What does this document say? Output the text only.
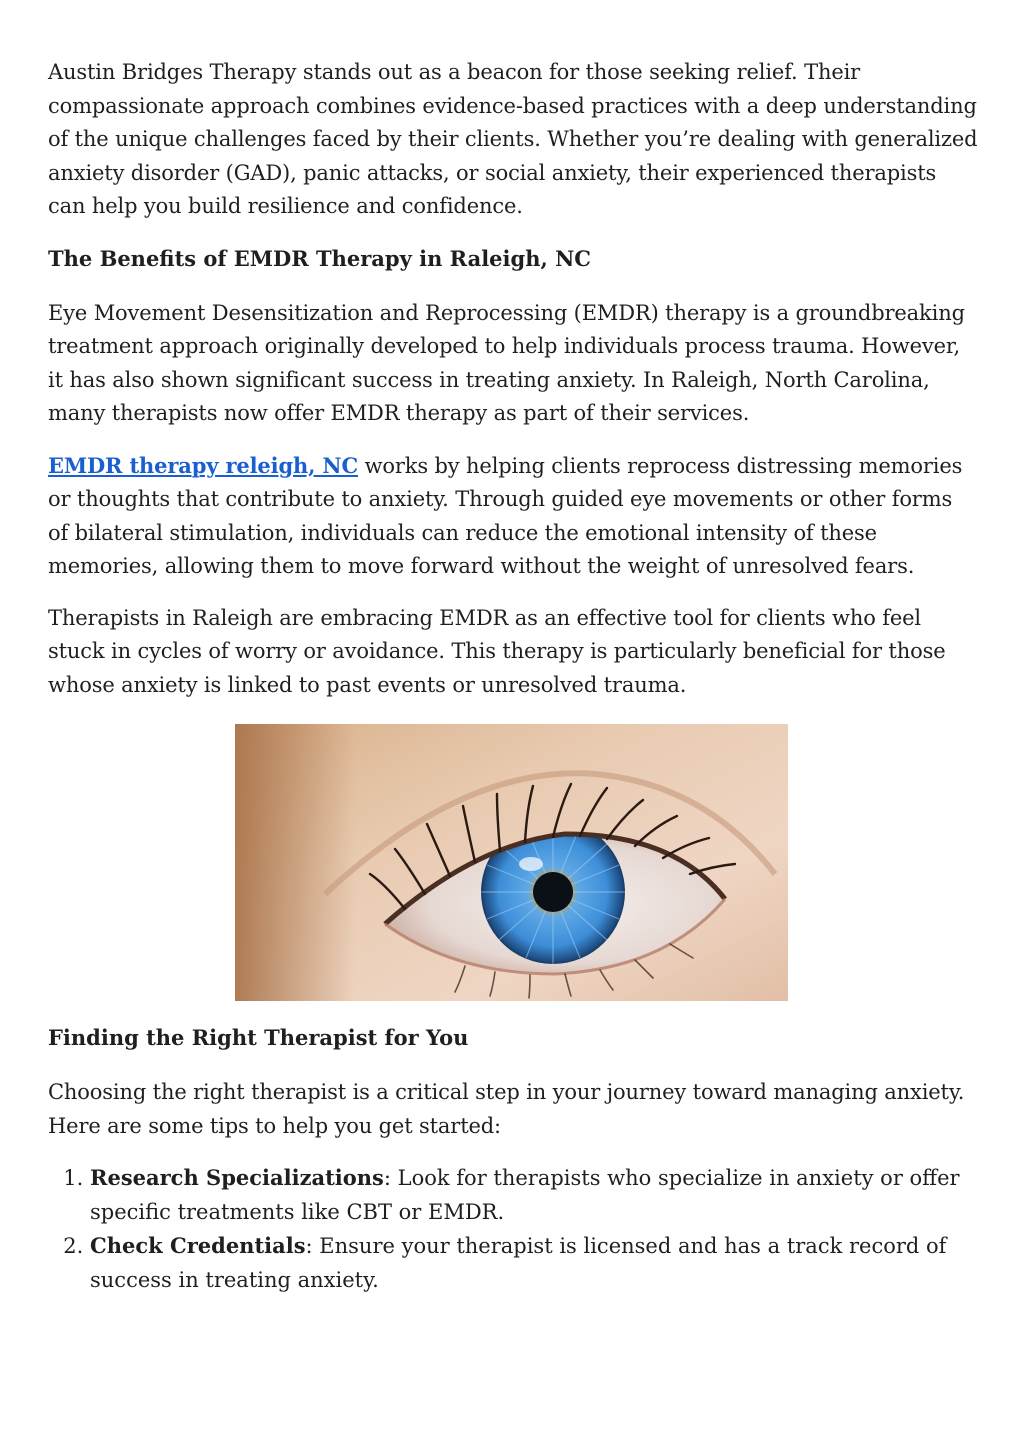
Austin Bridges Therapy stands out as a beacon for those seeking relief. Their compassionate approach combines evidence-based practices with a deep understanding of the unique challenges faced by their clients. Whether you’re dealing with generalized anxiety disorder (GAD), panic attacks, or social anxiety, their experienced therapists can help you build resilience and confidence.

The Benefits of EMDR Therapy in Raleigh, NC

Eye Movement Desensitization and Reprocessing (EMDR) therapy is a groundbreaking treatment approach originally developed to help individuals process trauma. However, it has also shown significant success in treating anxiety. In Raleigh, North Carolina, many therapists now offer EMDR therapy as part of their services.

EMDR therapy releigh, NC works by helping clients reprocess distressing memories or thoughts that contribute to anxiety. Through guided eye movements or other forms of bilateral stimulation, individuals can reduce the emotional intensity of these memories, allowing them to move forward without the weight of unresolved fears.

Therapists in Raleigh are embracing EMDR as an effective tool for clients who feel stuck in cycles of worry or avoidance. This therapy is particularly beneficial for those whose anxiety is linked to past events or unresolved trauma.

Finding the Right Therapist for You

Choosing the right therapist is a critical step in your journey toward managing anxiety. Here are some tips to help you get started:

1. Research Specializations: Look for therapists who specialize in anxiety or offer specific treatments like CBT or EMDR.
2. Check Credentials: Ensure your therapist is licensed and has a track record of success in treating anxiety.
